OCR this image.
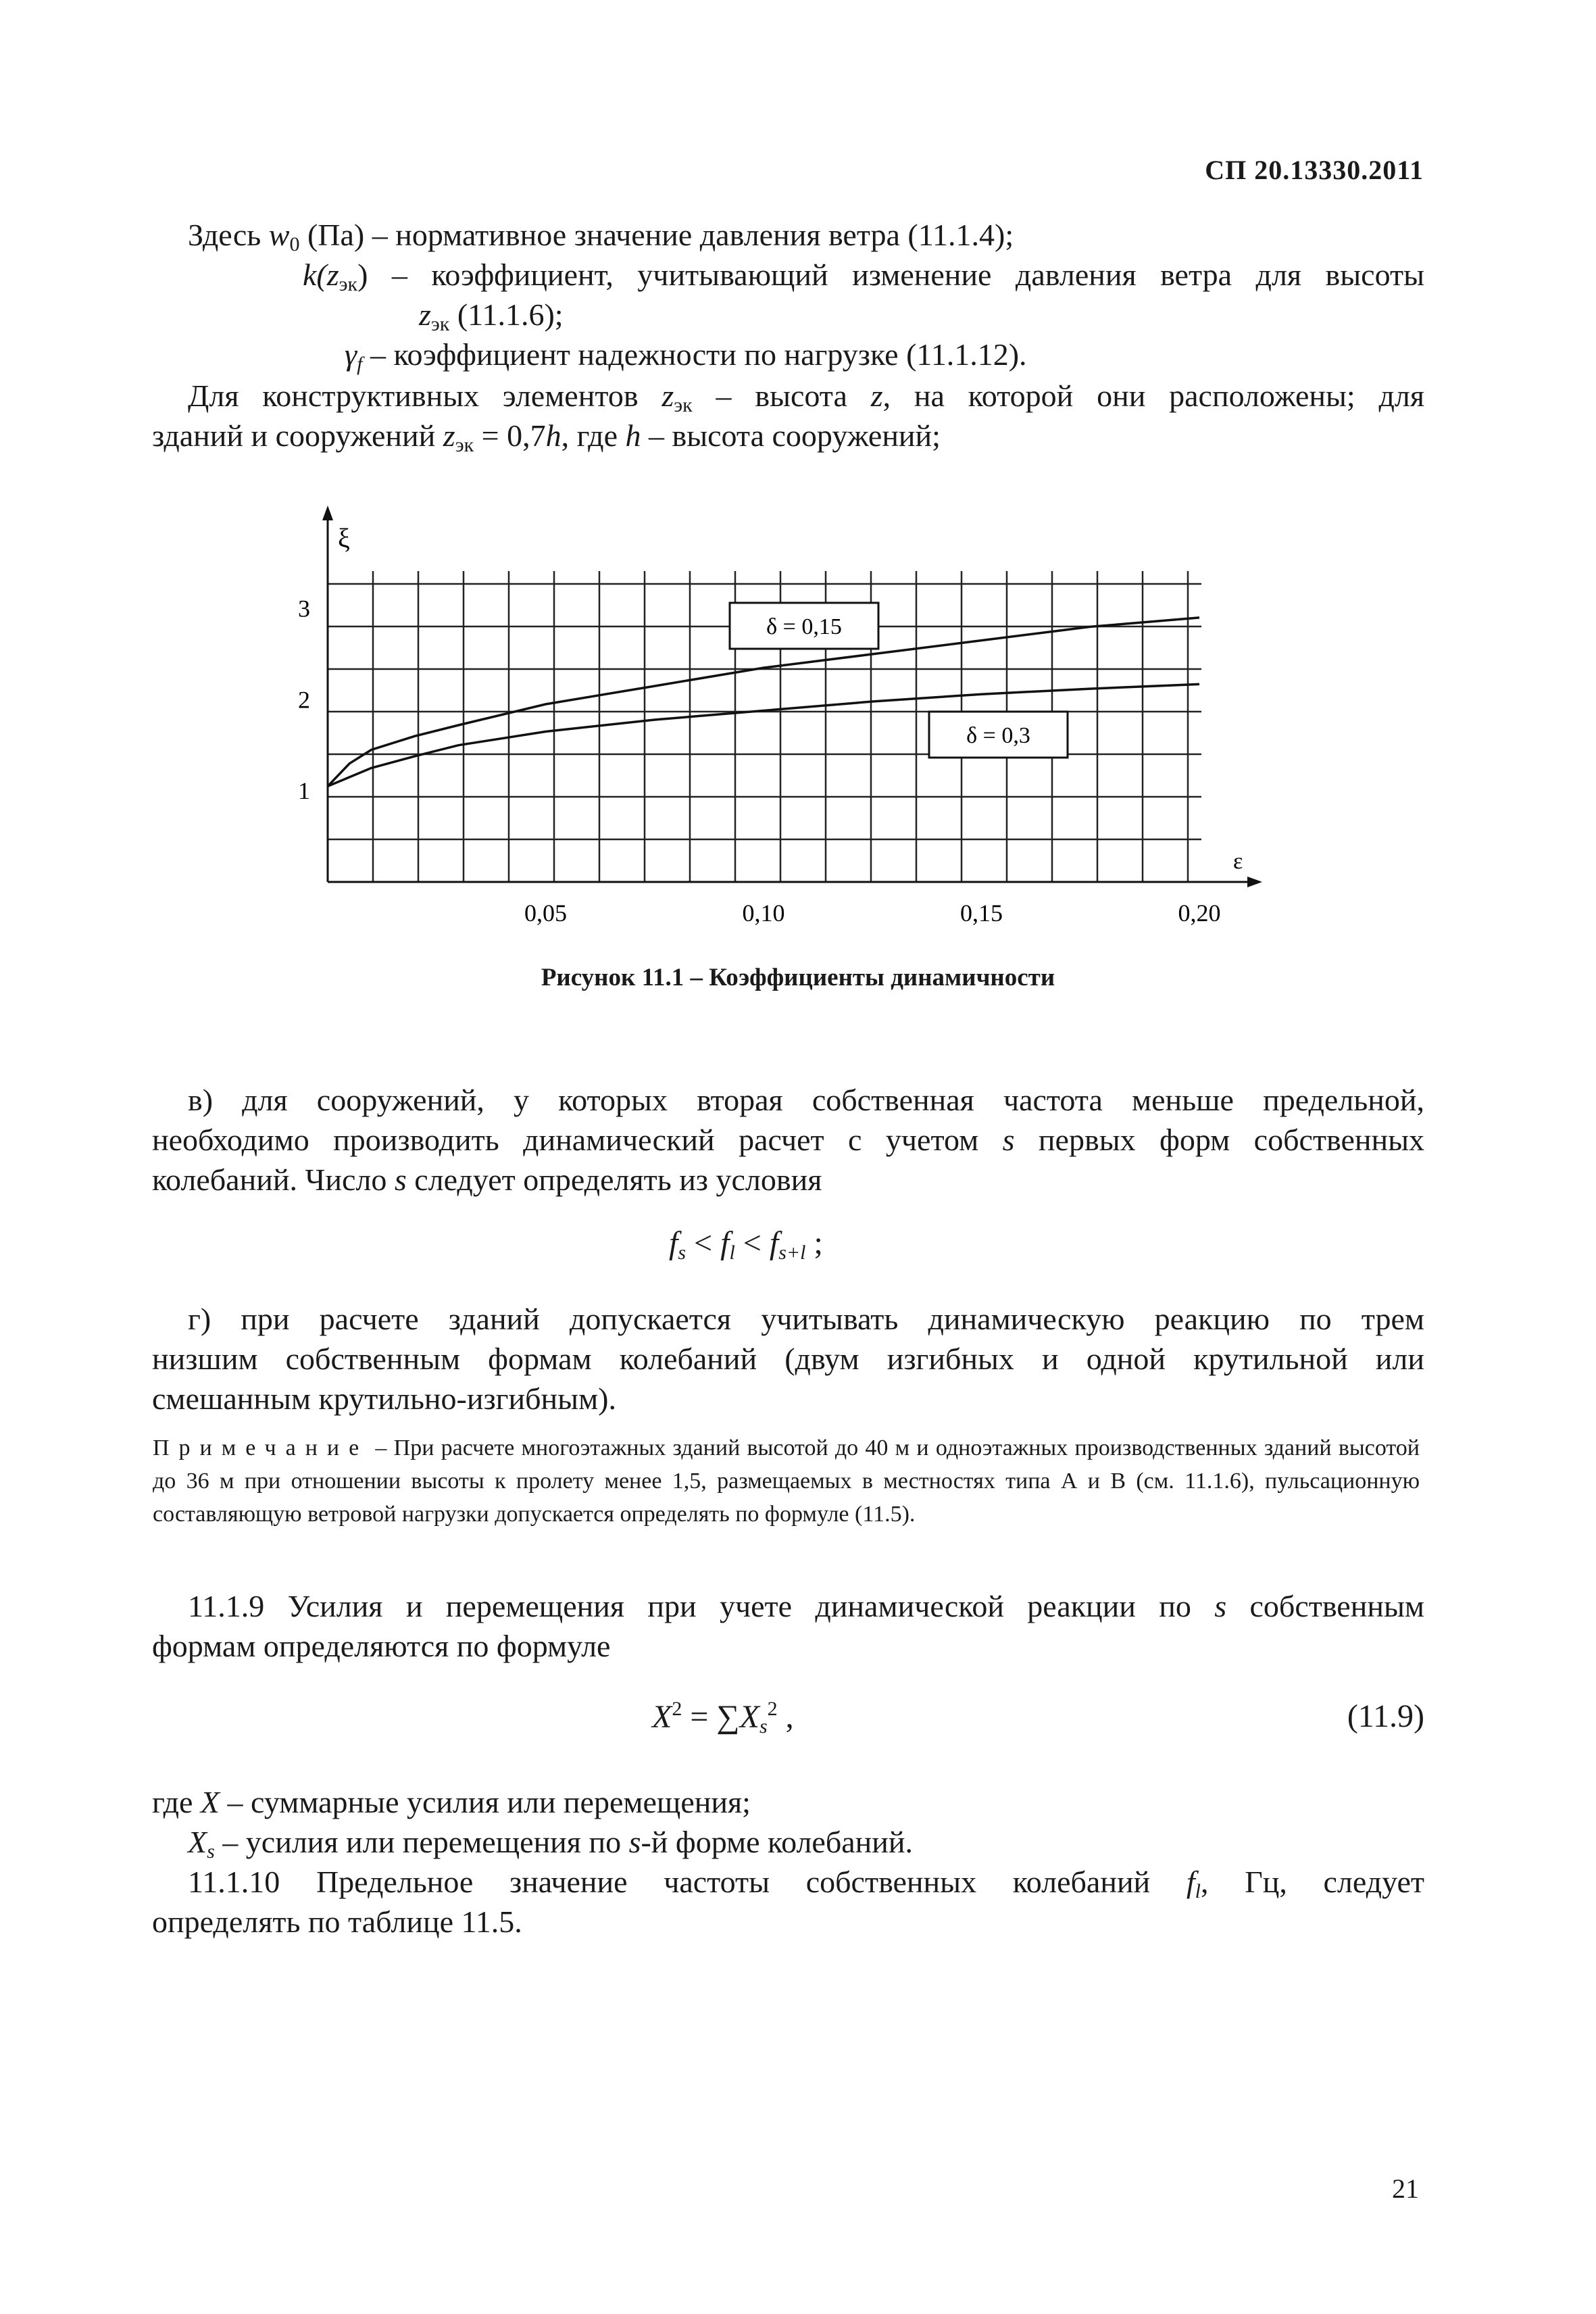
СП 20.13330.2011
Здесь $w_0$ (Па) – нормативное значение давления ветра (11.1.4);
$k(z_{эк})$ – коэффициент, учитывающий изменение давления ветра для высоты
$z_{эк}$ (11.1.6);
$\gamma_f$ – коэффициент надежности по нагрузке (11.1.12).
Для конструктивных элементов $z_{эк}$ – высота z, на которой они расположены; для
зданий и сооружений $z_{эк} = 0,7h$, где h – высота сооружений;
ξ
ε
0,05	0,10	0,15	0,20
1
2
3
δ = 0,15
δ = 0,3
Рисунок 11.1 – Коэффициенты динамичности
в) для сооружений, у которых вторая собственная частота меньше предельной,
необходимо производить динамический расчет с учетом s первых форм собственных
колебаний. Число s следует определять из условия
$f_s < f_l < f_{s+l}$ ;
г) при расчете зданий допускается учитывать динамическую реакцию по трем
низшим собственным формам колебаний (двум изгибных и одной крутильной или
смешанным крутильно-изгибным).
Примечание – При расчете многоэтажных зданий высотой до 40 м и одноэтажных производственных зданий высотой до 36 м при отношении высоты к пролету менее 1,5, размещаемых в местностях типа А и В (см. 11.1.6), пульсационную составляющую ветровой нагрузки допускается определять по формуле (11.5).
11.1.9 Усилия и перемещения при учете динамической реакции по s собственным
формам определяются по формуле
$X^2 = \sum X_s^2$ ,	(11.9)
где X – суммарные усилия или перемещения;
$X_s$ – усилия или перемещения по s-й форме колебаний.
11.1.10 Предельное значение частоты собственных колебаний $f_l$, Гц, следует
определять по таблице 11.5.
21
